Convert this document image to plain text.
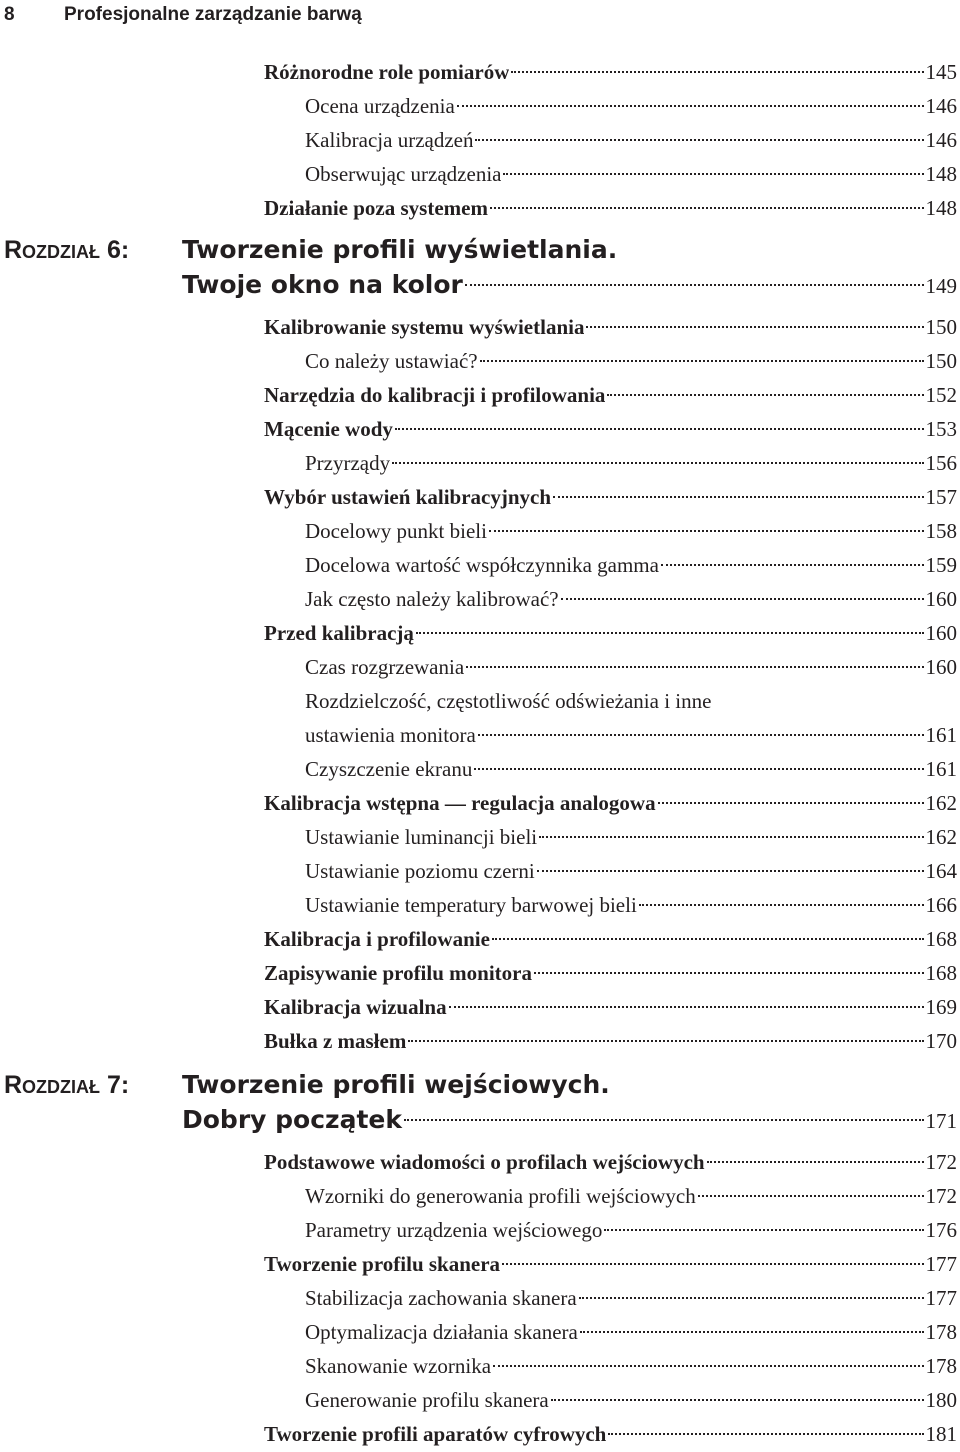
8	Profesjonalne zarządzanie barwą
Różnorodne role pomiarów	145
Ocena urządzenia	146
Kalibracja urządzeń	146
Obserwując urządzenia	148
Działanie poza systemem	148
Rozdział 6: Tworzenie profili wyświetlania.
Twoje okno na kolor	149
Kalibrowanie systemu wyświetlania	150
Co należy ustawiać?	150
Narzędzia do kalibracji i profilowania	152
Mącenie wody	153
Przyrządy	156
Wybór ustawień kalibracyjnych	157
Docelowy punkt bieli	158
Docelowa wartość współczynnika gamma	159
Jak często należy kalibrować?	160
Przed kalibracją	160
Czas rozgrzewania	160
Rozdzielczość, częstotliwość odświeżania i inne
ustawienia monitora	161
Czyszczenie ekranu	161
Kalibracja wstępna — regulacja analogowa	162
Ustawianie luminancji bieli	162
Ustawianie poziomu czerni	164
Ustawianie temperatury barwowej bieli	166
Kalibracja i profilowanie	168
Zapisywanie profilu monitora	168
Kalibracja wizualna	169
Bułka z masłem	170
Rozdział 7: Tworzenie profili wejściowych.
Dobry początek	171
Podstawowe wiadomości o profilach wejściowych	172
Wzorniki do generowania profili wejściowych	172
Parametry urządzenia wejściowego	176
Tworzenie profilu skanera	177
Stabilizacja zachowania skanera	177
Optymalizacja działania skanera	178
Skanowanie wzornika	178
Generowanie profilu skanera	180
Tworzenie profili aparatów cyfrowych	181
